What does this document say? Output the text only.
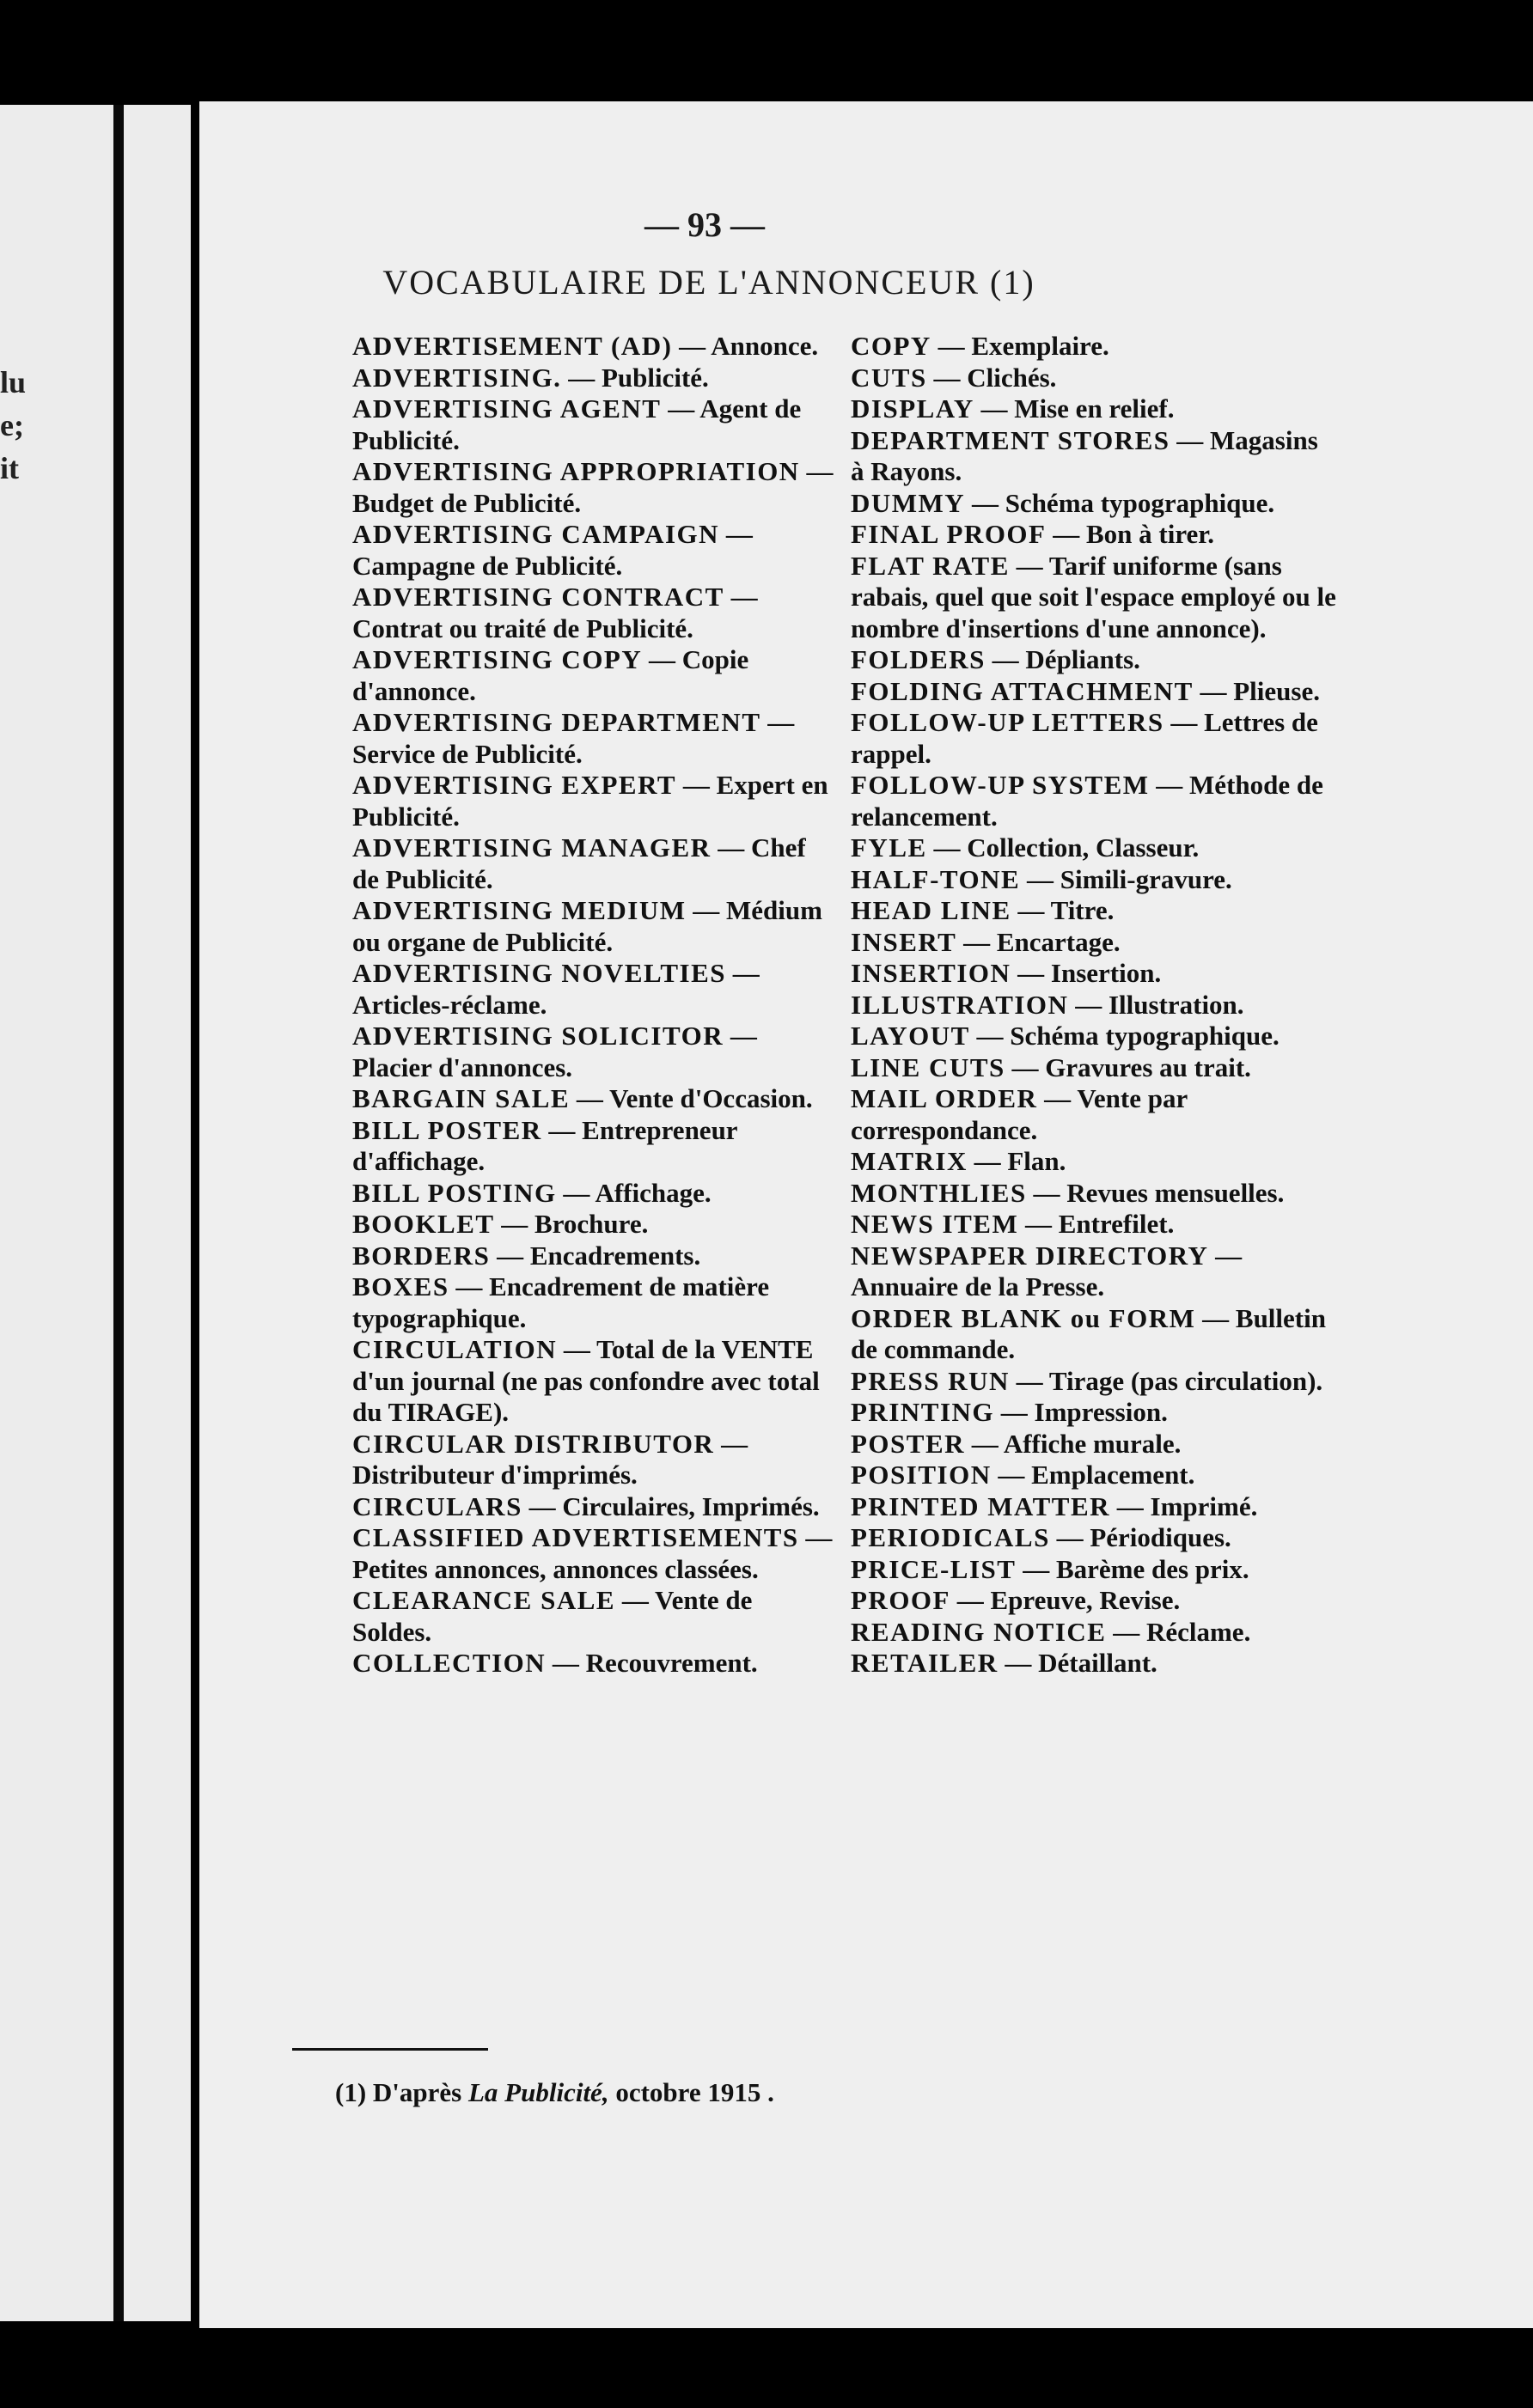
lu
e;
it
— 93 —
VOCABULAIRE DE L'ANNONCEUR (1)
ADVERTISEMENT (AD) — Annonce.
ADVERTISING. — Publicité.
ADVERTISING AGENT — Agent de Publicité.
ADVERTISING APPROPRIATION — Budget de Publicité.
ADVERTISING CAMPAIGN — Campagne de Publicité.
ADVERTISING CONTRACT — Contrat ou traité de Publicité.
ADVERTISING COPY — Copie d'annonce.
ADVERTISING DEPARTMENT — Service de Publicité.
ADVERTISING EXPERT — Expert en Publicité.
ADVERTISING MANAGER — Chef de Publicité.
ADVERTISING MEDIUM — Médium ou organe de Publicité.
ADVERTISING NOVELTIES — Articles-réclame.
ADVERTISING SOLICITOR — Placier d'annonces.
BARGAIN SALE — Vente d'Occasion.
BILL POSTER — Entrepreneur d'affichage.
BILL POSTING — Affichage.
BOOKLET — Brochure.
BORDERS — Encadrements.
BOXES — Encadrement de matière typographique.
CIRCULATION — Total de la VENTE d'un journal (ne pas confondre avec total du TIRAGE).
CIRCULAR DISTRIBUTOR — Distributeur d'imprimés.
CIRCULARS — Circulaires, Imprimés.
CLASSIFIED ADVERTISEMENTS — Petites annonces, annonces classées.
CLEARANCE SALE — Vente de Soldes.
COLLECTION — Recouvrement.
COPY — Exemplaire.
CUTS — Clichés.
DISPLAY — Mise en relief.
DEPARTMENT STORES — Magasins à Rayons.
DUMMY — Schéma typographique.
FINAL PROOF — Bon à tirer.
FLAT RATE — Tarif uniforme (sans rabais, quel que soit l'espace employé ou le nombre d'insertions d'une annonce).
FOLDERS — Dépliants.
FOLDING ATTACHMENT — Plieuse.
FOLLOW-UP LETTERS — Lettres de rappel.
FOLLOW-UP SYSTEM — Méthode de relancement.
FYLE — Collection, Classeur.
HALF-TONE — Simili-gravure.
HEAD LINE — Titre.
INSERT — Encartage.
INSERTION — Insertion.
ILLUSTRATION — Illustration.
LAYOUT — Schéma typographique.
LINE CUTS — Gravures au trait.
MAIL ORDER — Vente par correspondance.
MATRIX — Flan.
MONTHLIES — Revues mensuelles.
NEWS ITEM — Entrefilet.
NEWSPAPER DIRECTORY — Annuaire de la Presse.
ORDER BLANK ou FORM — Bulletin de commande.
PRESS RUN — Tirage (pas circulation).
PRINTING — Impression.
POSTER — Affiche murale.
POSITION — Emplacement.
PRINTED MATTER — Imprimé.
PERIODICALS — Périodiques.
PRICE-LIST — Barème des prix.
PROOF — Epreuve, Revise.
READING NOTICE — Réclame.
RETAILER — Détaillant.
(1) D'après La Publicité, octobre 1915 .
